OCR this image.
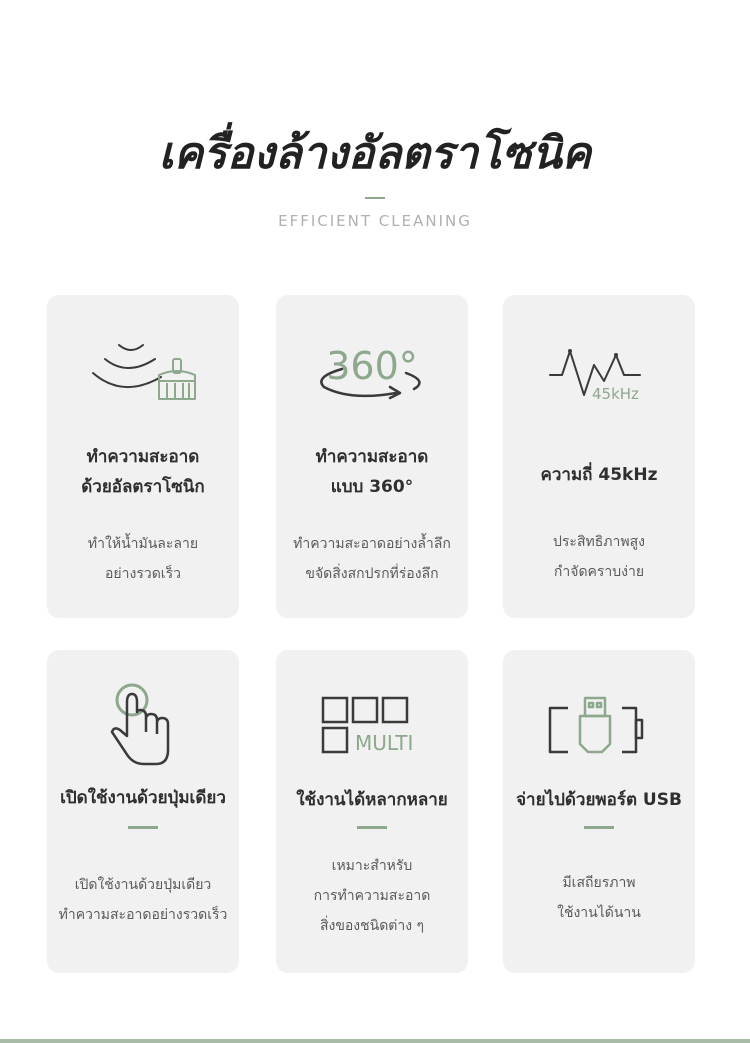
เครื่องล้างอัลตราโซนิค
EFFICIENT CLEANING
ทำความสะอาด
ด้วยอัลตราโซนิก
ทำให้น้ำมันละลาย
อย่างรวดเร็ว
360°
ทำความสะอาด
แบบ 360°
ทำความสะอาดอย่างล้ำลึก
ขจัดสิ่งสกปรกที่ร่องลึก
45kHz
ความถี่ 45kHz
ประสิทธิภาพสูง
กำจัดคราบง่าย
เปิดใช้งานด้วยปุ่มเดียว
เปิดใช้งานด้วยปุ่มเดียว
ทำความสะอาดอย่างรวดเร็ว
MULTI
ใช้งานได้หลากหลาย
เหมาะสำหรับ
การทำความสะอาด
สิ่งของชนิดต่าง ๆ
จ่ายไปด้วยพอร์ต USB
มีเสถียรภาพ
ใช้งานได้นาน
